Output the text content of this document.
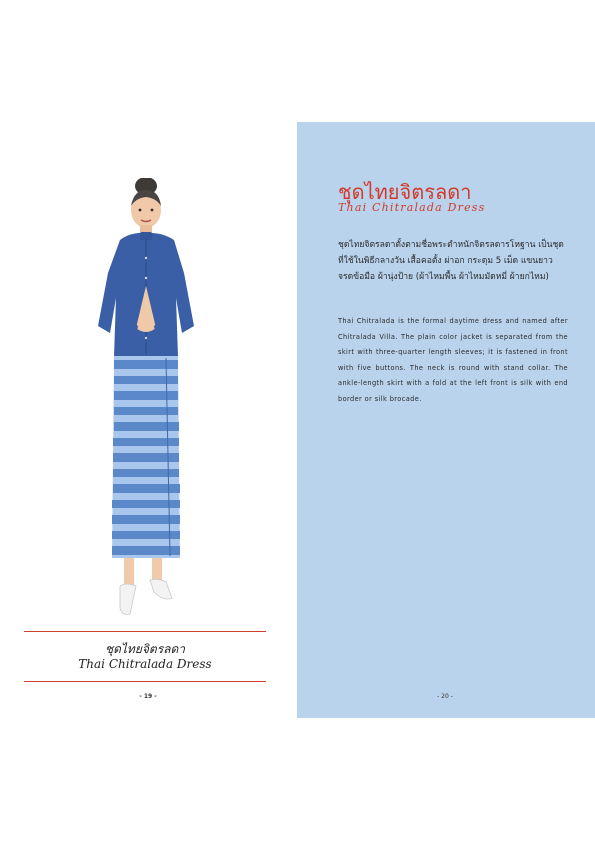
ชุดไทยจิตรลดา
Thai Chitralada Dress
- 19 -
ชุดไทยจิตรลดา
Thai Chitralada Dress
ชุดไทยจิตรลดาตั้งตามชื่อพระตำหนักจิตรลดารโหฐาน เป็นชุดที่ใช้ในพิธีกลางวัน เสื้อคอตั้ง ผ่าอก กระดุม 5 เม็ด แขนยาวจรดข้อมือ ผ้านุ่งป้าย (ผ้าไหมพื้น ผ้าไหมมัดหมี่ ผ้ายกไหม)
Thai Chitralada is the formal daytime dress and named after Chitralada Villa. The plain color jacket is separated from the skirt with three-quarter length sleeves; it is fastened in front with five buttons. The neck is round with stand collar. The ankle-length skirt with a fold at the left front is silk with end border or silk brocade.
- 20 -
